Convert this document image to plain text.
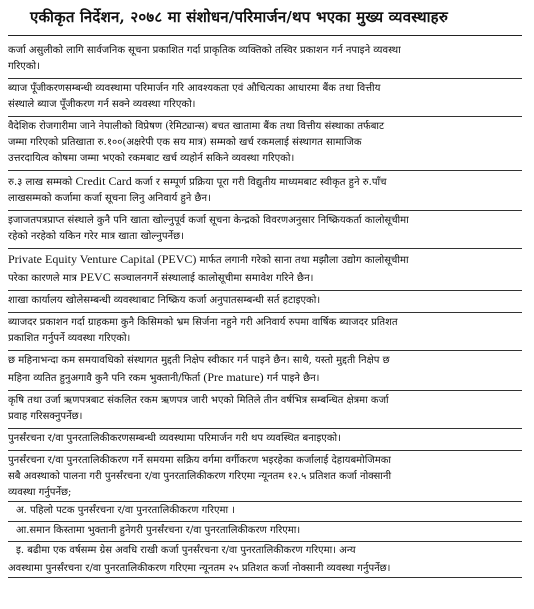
एकीकृत निर्देशन, २०७८ मा संशोधन/परिमार्जन/थप भएका मुख्य व्यवस्थाहरु

कर्जा असुलीको लागि सार्वजनिक सूचना प्रकाशित गर्दा प्राकृतिक व्यक्तिको तस्विर प्रकाशन गर्न नपाइने व्यवस्था
गरिएको।

ब्याज पूँजीकरणसम्बन्धी व्यवस्थामा परिमार्जन गरि आवश्यकता एवं औचित्यका आधारमा बैंक तथा वित्तीय
संस्थाले ब्याज पूँजीकरण गर्न सक्ने व्यवस्था गरिएको।

वैदेशिक रोजगारीमा जाने नेपालीको विप्रेषण (रेमिट्यान्स) बचत खातामा बैंक तथा वित्तीय संस्थाका तर्फबाट
जम्मा गरिएको प्रतिखाता रु.१००(अक्षरेपी एक सय मात्र) सम्मको खर्च रकमलाई संस्थागत सामाजिक
उत्तरदायित्व कोषमा जम्मा भएको रकमबाट खर्च व्यहोर्न सकिने व्यवस्था गरिएको।

रु.३ लाख सम्मको Credit Card कर्जा र सम्पूर्ण प्रक्रिया पूरा गरी विद्युतीय माध्यमबाट स्वीकृत हुने रु.पाँच
लाखसम्मको कर्जामा कर्जा सूचना लिनु अनिवार्य हुने छैन।

इजाजतपत्रप्राप्त संस्थाले कुनै पनि खाता खोल्नुपूर्व कर्जा सूचना केन्द्रको विवरणअनुसार निष्क्रियकर्ता कालोसूचीमा
रहेको नरहेको यकिन गरेर मात्र खाता खोल्नुपर्नेछ।

Private Equity Venture Capital (PEVC) मार्फत लगानी गरेको साना तथा मझौला उद्योग कालोसूचीमा
परेका कारणले मात्र PEVC सञ्चालनगर्ने संस्थालाई कालोसूचीमा समावेश गरिने छैन।

शाखा कार्यालय खोलेसम्बन्धी व्यवस्थाबाट निष्क्रिय कर्जा अनुपातसम्बन्धी सर्त हटाइएको।

ब्याजदर प्रकाशन गर्दा ग्राहकमा कुनै किसिमको भ्रम सिर्जना नहुने गरी अनिवार्य रुपमा वार्षिक ब्याजदर प्रतिशत
प्रकाशित गर्नुपर्ने व्यवस्था गरिएको।

छ महिनाभन्दा कम समयावधिको संस्थागत मुद्दती निक्षेप स्वीकार गर्न पाइने छैन। साथै, यस्तो मुद्दती निक्षेप छ
महिना व्यतित हुनुअगावै कुनै पनि रकम भुक्तानी/फिर्ता (Pre mature) गर्न पाइने छैन।

कृषि तथा उर्जा ऋणपत्रबाट संकलित रकम ऋणपत्र जारी भएको मितिले तीन वर्षभित्र सम्बन्धित क्षेत्रमा कर्जा
प्रवाह गरिसक्नुपर्नेछ।

पुनर्संरचना र/वा पुनरतालिकीकरणसम्बन्धी व्यवस्थामा परिमार्जन गरी थप व्यवस्थित बनाइएको।

पुनर्संरचना र/वा पुनरतालिकीकरण गर्ने समयमा सक्रिय वर्गमा वर्गीकरण भइरहेका कर्जालाई देहायबमोजिमका
सबै अवस्थाको पालना गरी पुनर्संरचना र/वा पुनरतालिकीकरण गरिएमा न्यूनतम १२.५ प्रतिशत कर्जा नोक्सानी
व्यवस्था गर्नुपर्नेछ;
अ. पहिलो पटक पुनर्संरचना र/वा पुनरतालिकीकरण गरिएमा ।
आ.समान किस्तामा भुक्तानी हुनेगरी पुनर्संरचना र/वा पुनरतालिकीकरण गरिएमा।
इ. बढीमा एक वर्षसम्म ग्रेस अवधि राखी कर्जा पुनर्संरचना र/वा पुनरतालिकीकरण गरिएमा। अन्य
अवस्थामा पुनर्संरचना र/वा पुनरतालिकीकरण गरिएमा न्यूनतम २५ प्रतिशत कर्जा नोक्सानी व्यवस्था गर्नुपर्नेछ।
